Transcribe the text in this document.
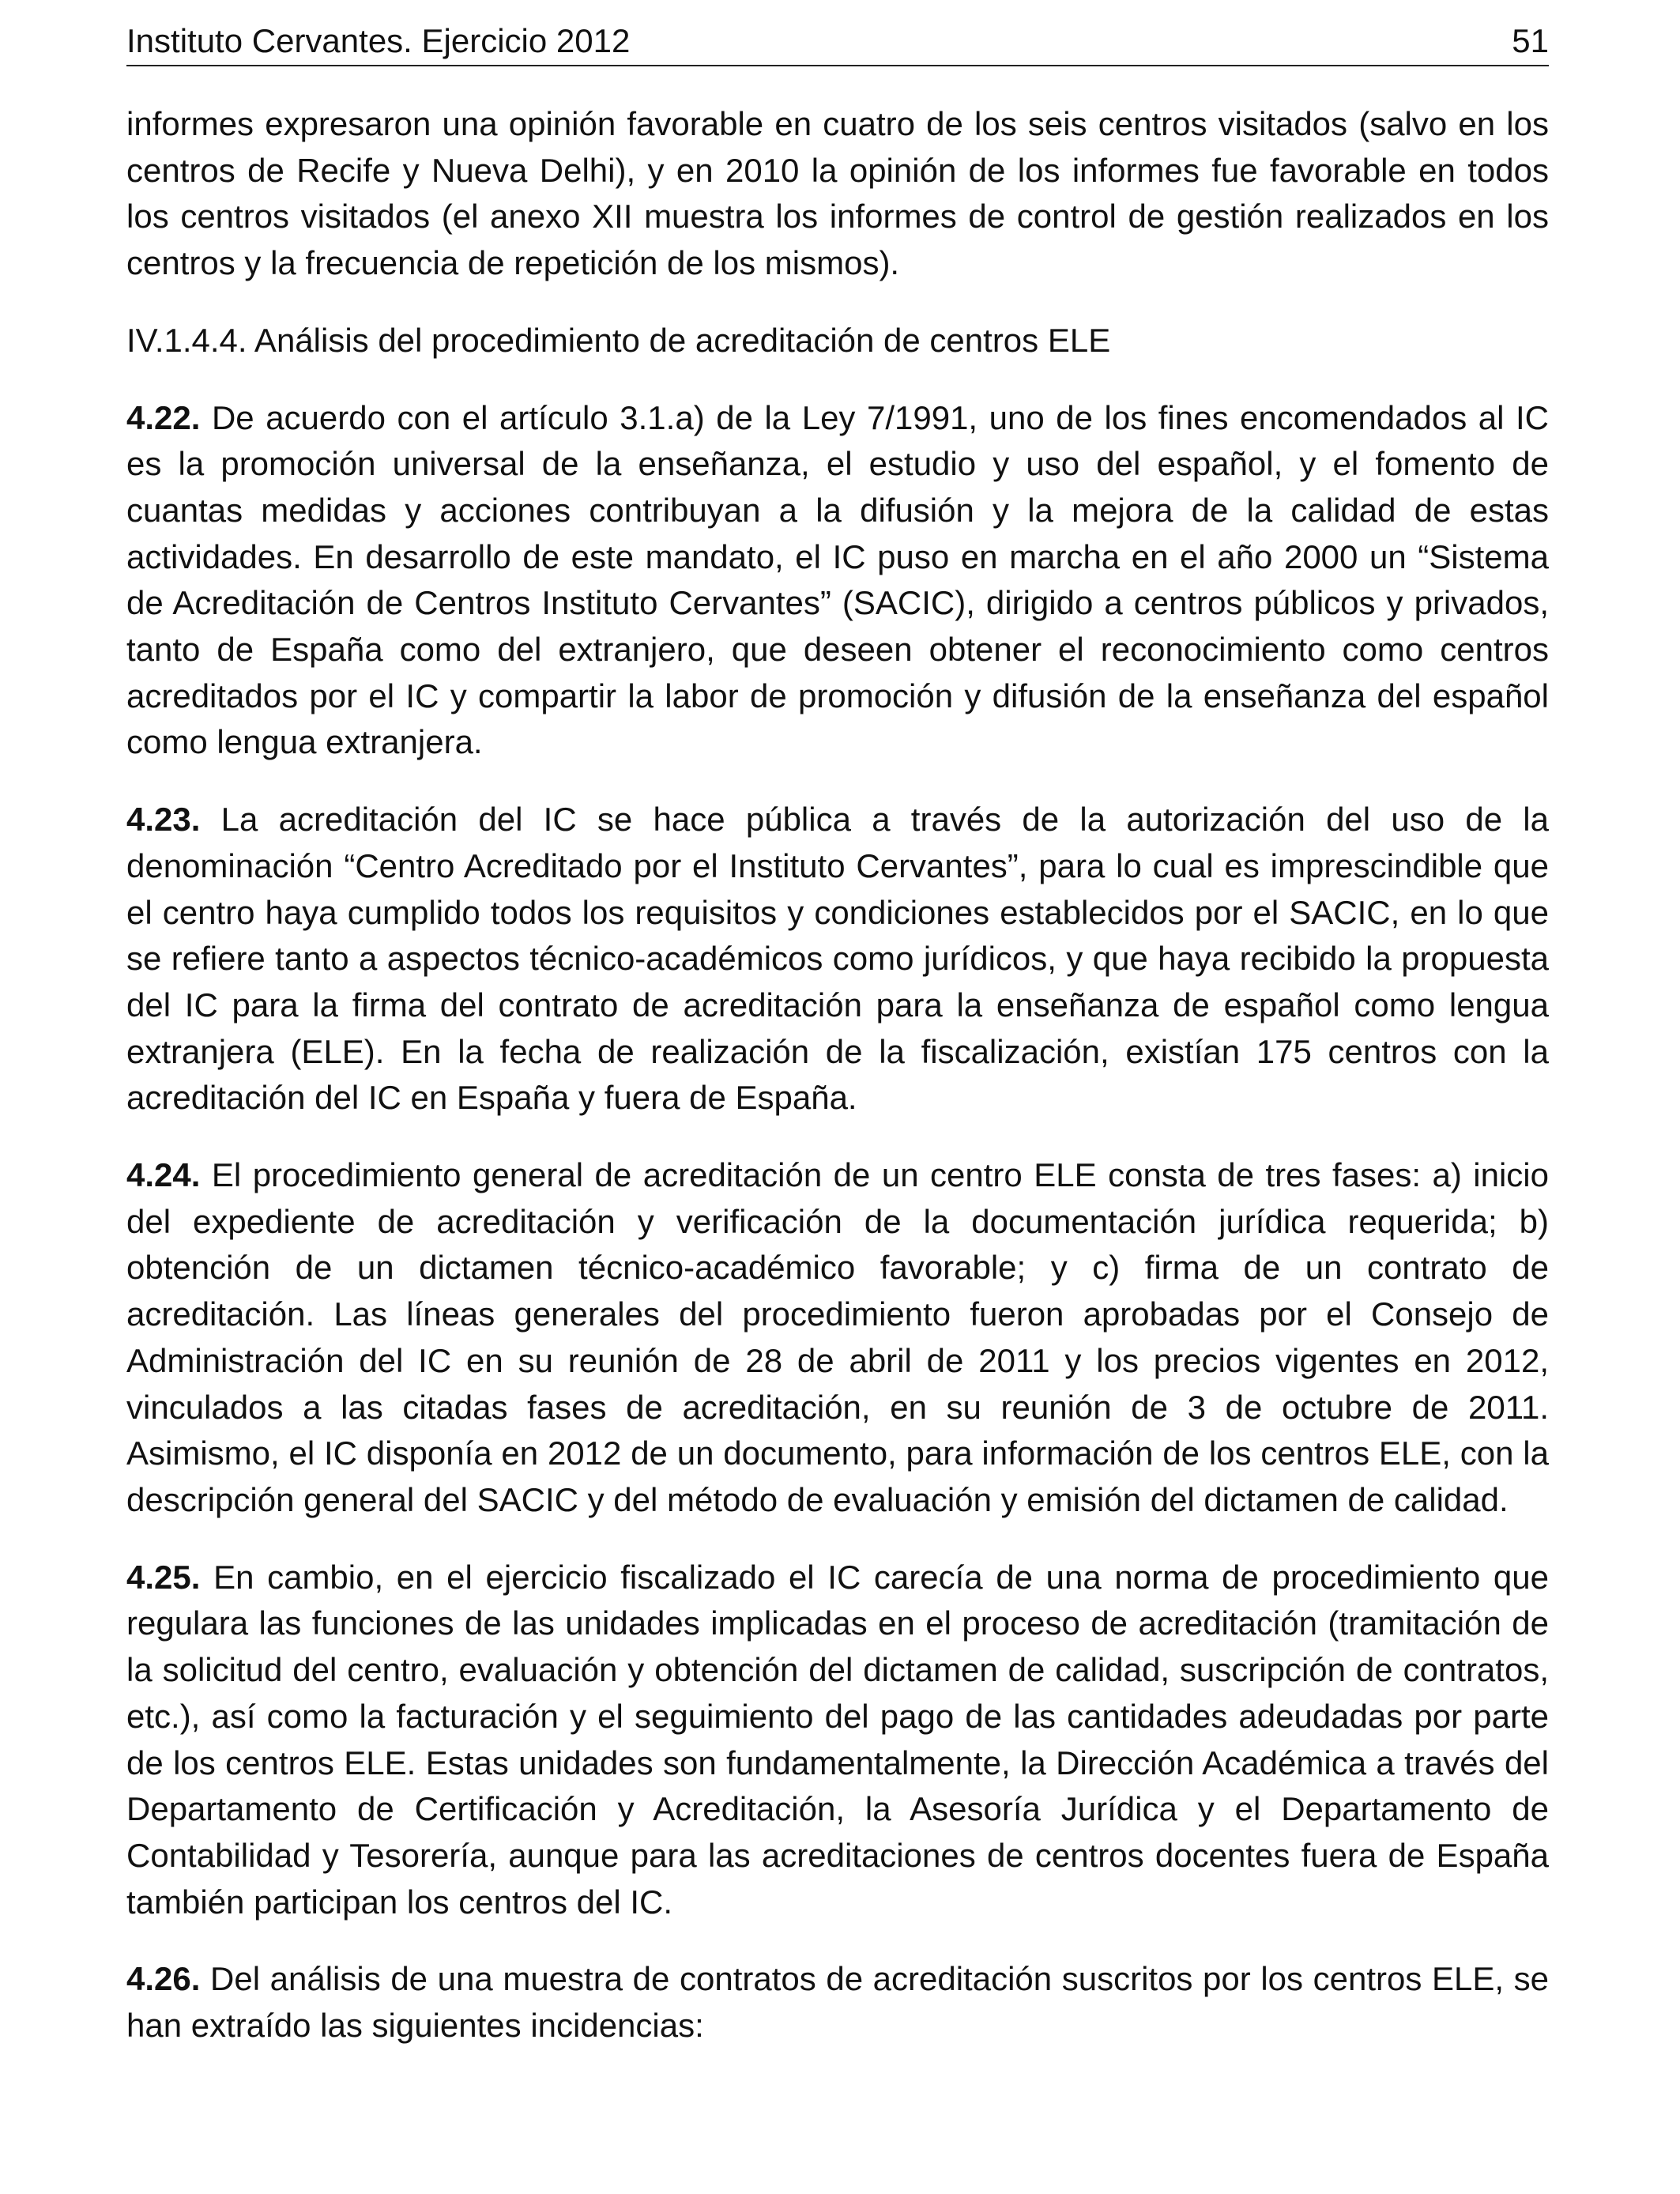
Instituto Cervantes. Ejercicio 2012	51

informes expresaron una opinión favorable en cuatro de los seis centros visitados (salvo en los centros de Recife y Nueva Delhi), y en 2010 la opinión de los informes fue favorable en todos los centros visitados (el anexo XII muestra los informes de control de gestión realizados en los centros y la frecuencia de repetición de los mismos).

IV.1.4.4. Análisis del procedimiento de acreditación de centros ELE

4.22. De acuerdo con el artículo 3.1.a) de la Ley 7/1991, uno de los fines encomendados al IC es la promoción universal de la enseñanza, el estudio y uso del español, y el fomento de cuantas medidas y acciones contribuyan a la difusión y la mejora de la calidad de estas actividades. En desarrollo de este mandato, el IC puso en marcha en el año 2000 un “Sistema de Acreditación de Centros Instituto Cervantes” (SACIC), dirigido a centros públicos y privados, tanto de España como del extranjero, que deseen obtener el reconocimiento como centros acreditados por el IC y compartir la labor de promoción y difusión de la enseñanza del español como lengua extranjera.

4.23. La acreditación del IC se hace pública a través de la autorización del uso de la denominación “Centro Acreditado por el Instituto Cervantes”, para lo cual es imprescindible que el centro haya cumplido todos los requisitos y condiciones establecidos por el SACIC, en lo que se refiere tanto a aspectos técnico-académicos como jurídicos, y que haya recibido la propuesta del IC para la firma del contrato de acreditación para la enseñanza de español como lengua extranjera (ELE). En la fecha de realización de la fiscalización, existían 175 centros con la acreditación del IC en España y fuera de España.

4.24. El procedimiento general de acreditación de un centro ELE consta de tres fases: a) inicio del expediente de acreditación y verificación de la documentación jurídica requerida; b) obtención de un dictamen técnico-académico favorable; y c) firma de un contrato de acreditación. Las líneas generales del procedimiento fueron aprobadas por el Consejo de Administración del IC en su reunión de 28 de abril de 2011 y los precios vigentes en 2012, vinculados a las citadas fases de acreditación, en su reunión de 3 de octubre de 2011. Asimismo, el IC disponía en 2012 de un documento, para información de los centros ELE, con la descripción general del SACIC y del método de evaluación y emisión del dictamen de calidad.

4.25. En cambio, en el ejercicio fiscalizado el IC carecía de una norma de procedimiento que regulara las funciones de las unidades implicadas en el proceso de acreditación (tramitación de la solicitud del centro, evaluación y obtención del dictamen de calidad, suscripción de contratos, etc.), así como la facturación y el seguimiento del pago de las cantidades adeudadas por parte de los centros ELE. Estas unidades son fundamentalmente, la Dirección Académica a través del Departamento de Certificación y Acreditación, la Asesoría Jurídica y el Departamento de Contabilidad y Tesorería, aunque para las acreditaciones de centros docentes fuera de España también participan los centros del IC.

4.26. Del análisis de una muestra de contratos de acreditación suscritos por los centros ELE, se han extraído las siguientes incidencias:
